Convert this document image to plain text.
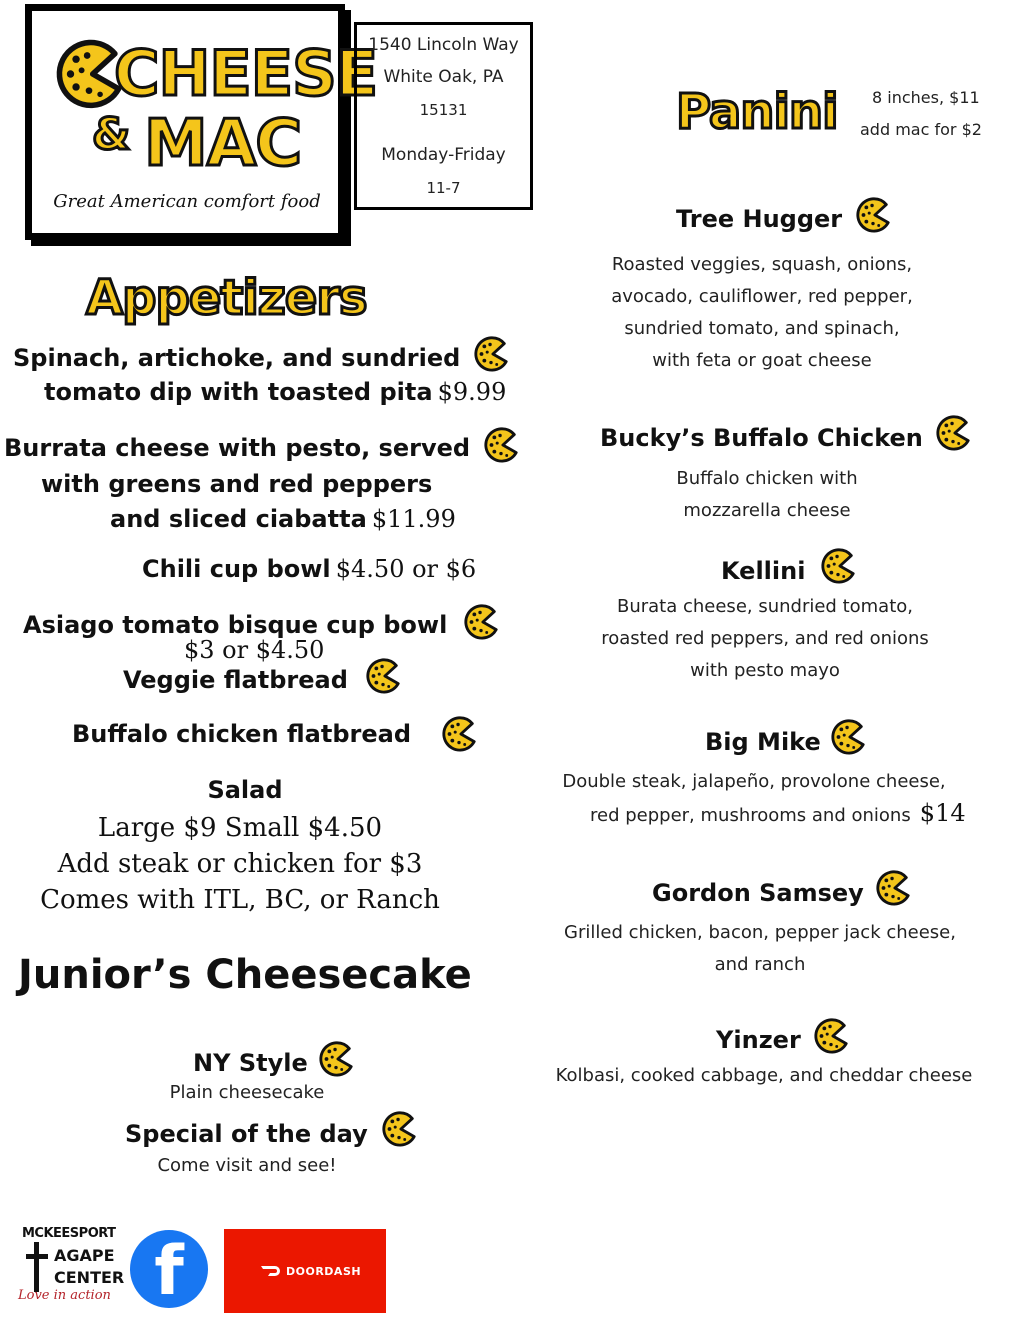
CHEESE
& MAC
Great American comfort food
1540 Lincoln Way
White Oak, PA
15131
Monday-Friday
11-7
Appetizers
Spinach, artichoke, and sundried
tomato dip with toasted pita $9.99
Burrata cheese with pesto, served
with greens and red peppers
and sliced ciabatta $11.99
Chili cup bowl $4.50 or $6
Asiago tomato bisque cup bowl
$3 or $4.50
Veggie flatbread
Buffalo chicken flatbread
Salad
Large $9 Small $4.50
Add steak or chicken for $3
Comes with ITL, BC, or Ranch
Junior’s Cheesecake
NY Style
Plain cheesecake
Special of the day
Come visit and see!
Panini 8 inches, $11
add mac for $2
Tree Hugger
Roasted veggies, squash, onions,
avocado, cauliflower, red pepper,
sundried tomato, and spinach,
with feta or goat cheese
Bucky’s Buffalo Chicken
Buffalo chicken with
mozzarella cheese
Kellini
Burata cheese, sundried tomato,
roasted red peppers, and red onions
with pesto mayo
Big Mike
Double steak, jalapeño, provolone cheese,
red pepper, mushrooms and onions $14
Gordon Samsey
Grilled chicken, bacon, pepper jack cheese,
and ranch
Yinzer
Kolbasi, cooked cabbage, and cheddar cheese
MCKEESPORT
AGAPE
CENTER
Love in action f	DOORDASH
